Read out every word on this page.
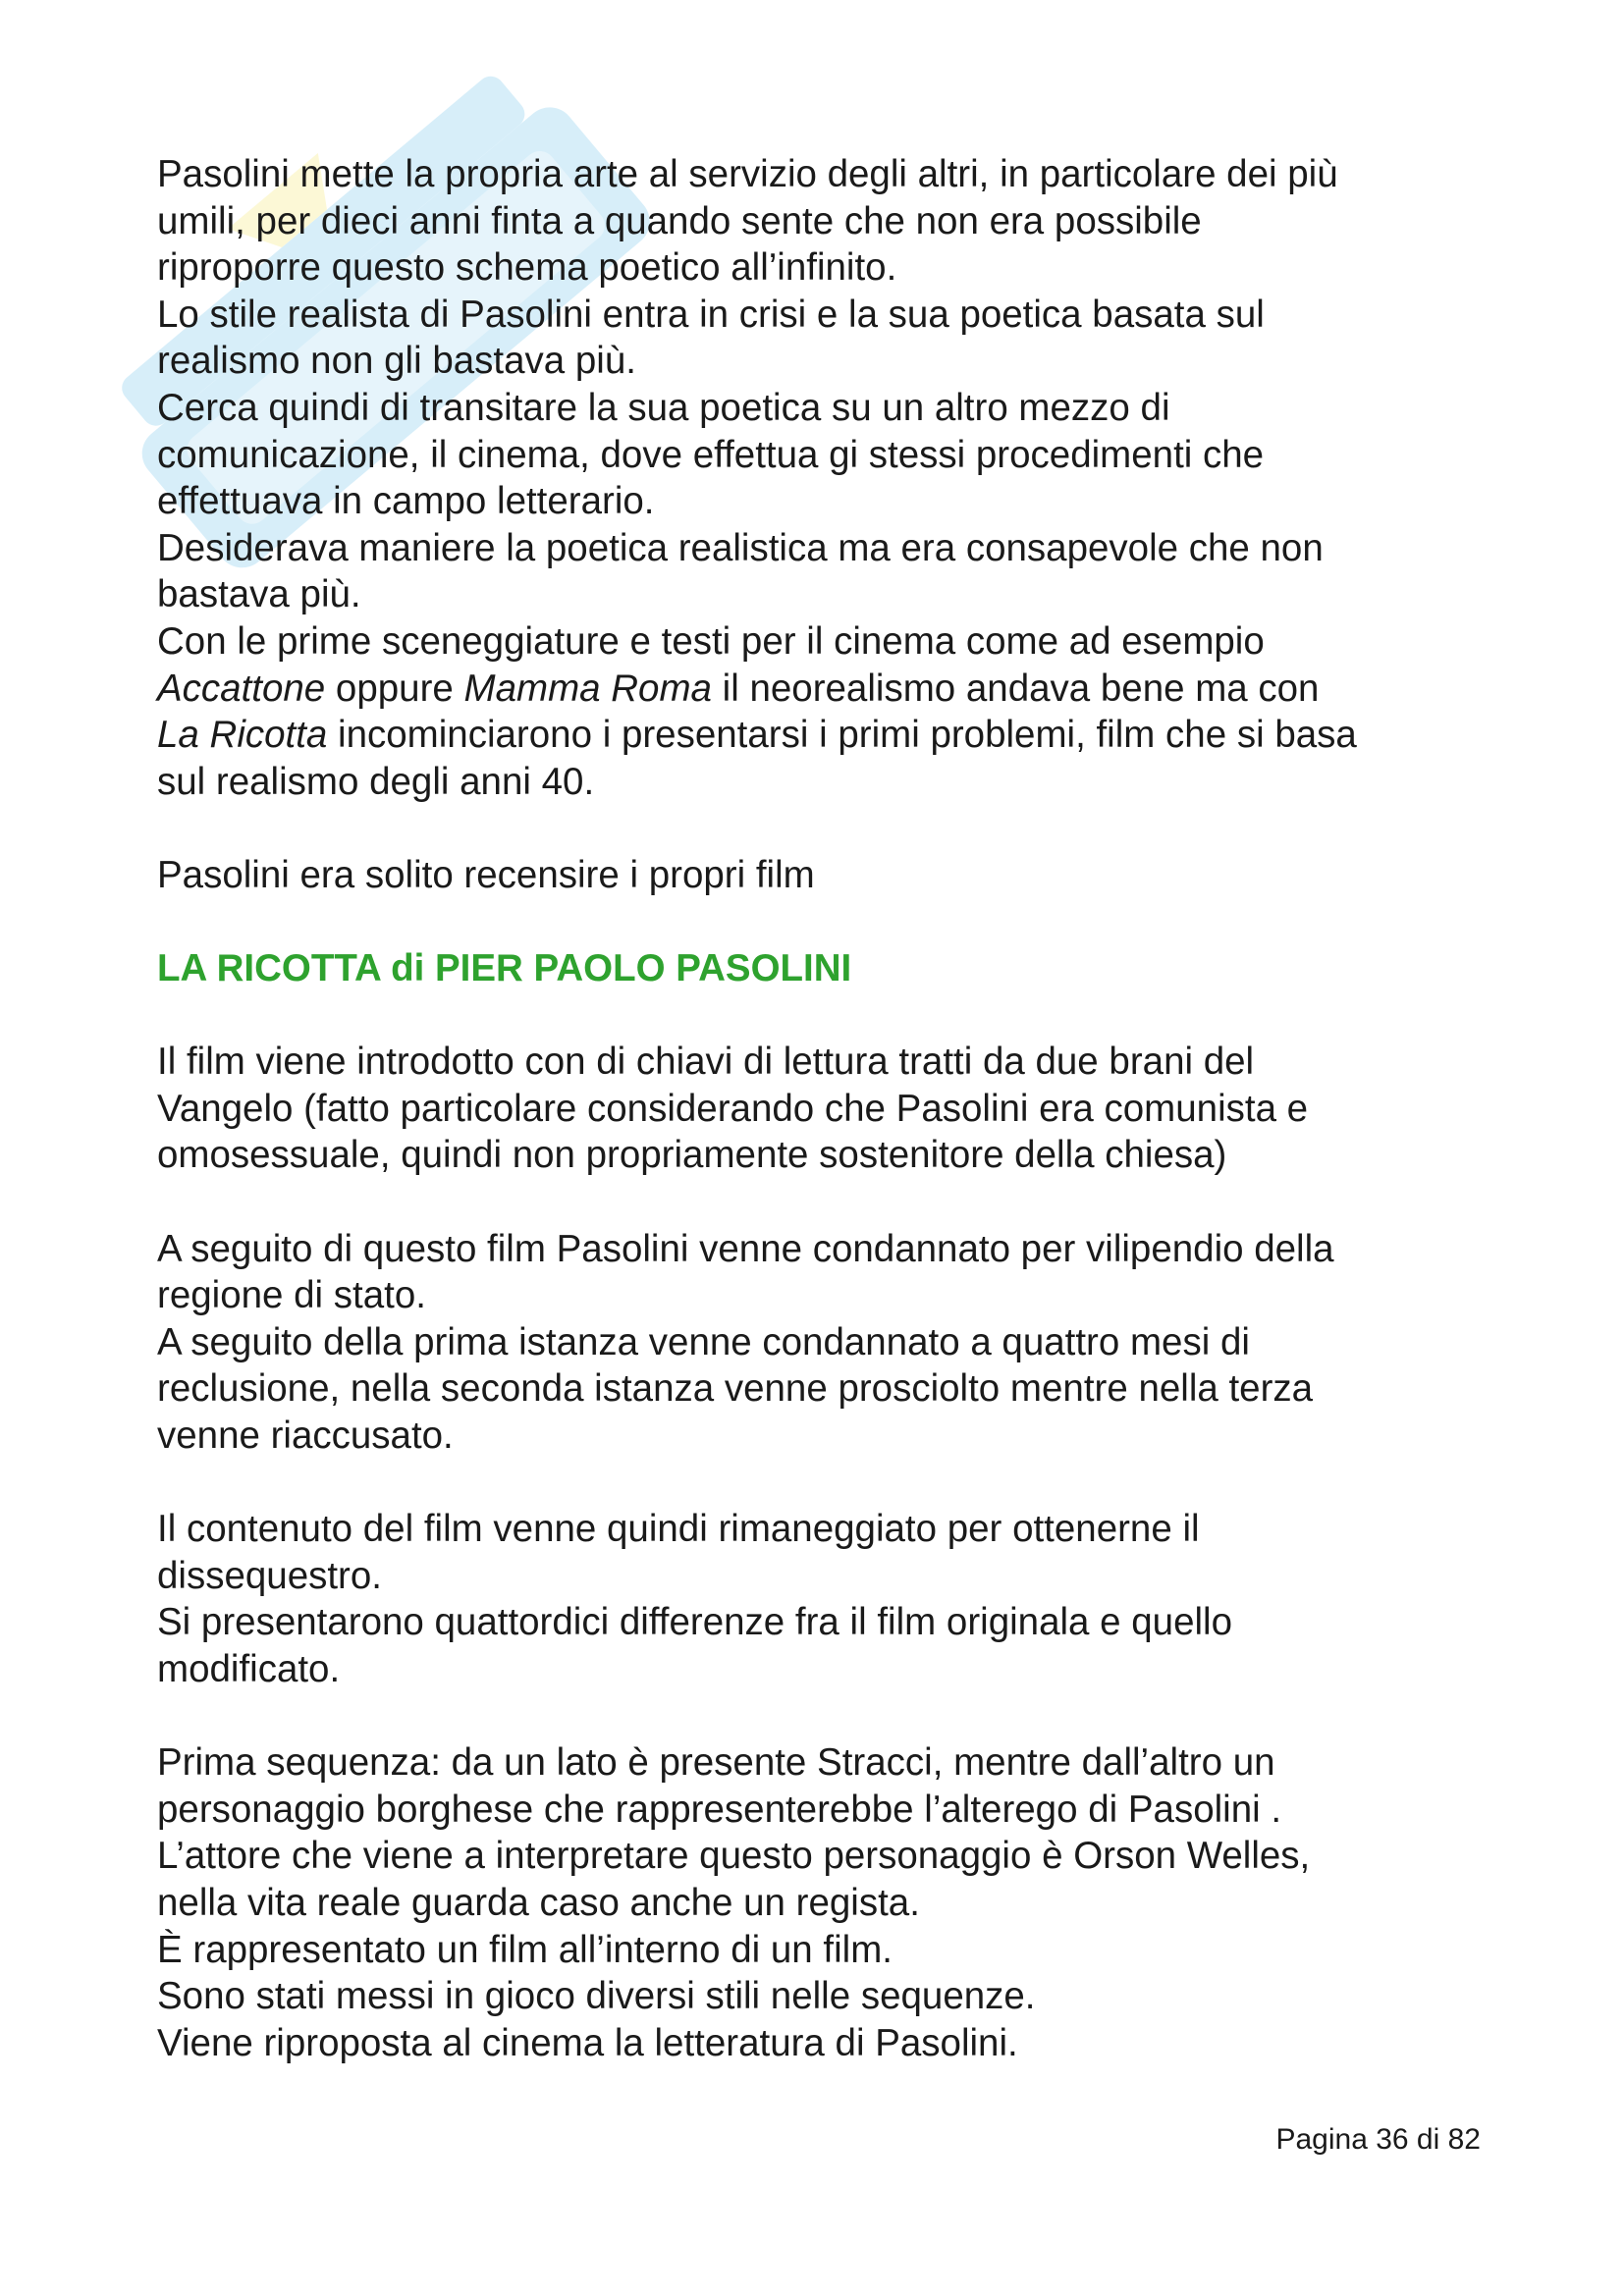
Pasolini mette la propria arte al servizio degli altri, in particolare dei più

umili, per dieci anni finta a quando sente che non era possibile

riproporre questo schema poetico all’infinito.

Lo stile realista di Pasolini entra in crisi e la sua poetica basata sul

realismo non gli bastava più.

Cerca quindi di transitare la sua poetica su un altro mezzo di

comunicazione, il cinema, dove effettua gi stessi procedimenti che

effettuava in campo letterario.

Desiderava maniere la poetica realistica ma era consapevole che non

bastava più.

Con le prime sceneggiature e testi per il cinema come ad esempio

Accattone oppure Mamma Roma il neorealismo andava bene ma con

La Ricotta incominciarono i presentarsi i primi problemi, film che si basa

sul realismo degli anni 40.

Pasolini era solito recensire i propri film

LA RICOTTA di PIER PAOLO PASOLINI

Il film viene introdotto con di chiavi di lettura tratti da due brani del

Vangelo (fatto particolare considerando che Pasolini era comunista e

omosessuale, quindi non propriamente sostenitore della chiesa)

A seguito di questo film Pasolini venne condannato per vilipendio della

regione di stato.

A seguito della prima istanza venne condannato a quattro mesi di

reclusione, nella seconda istanza venne prosciolto mentre nella terza

venne riaccusato.

Il contenuto del film venne quindi rimaneggiato per ottenerne il

dissequestro.

Si presentarono quattordici differenze fra il film originala e quello

modificato.

Prima sequenza: da un lato è presente Stracci, mentre dall’altro un

personaggio borghese che rappresenterebbe l’alterego di Pasolini .

L’attore che viene a interpretare questo personaggio è Orson Welles,

nella vita reale guarda caso anche un regista.

È rappresentato un film all’interno di un film.

Sono stati messi in gioco diversi stili nelle sequenze.

Viene riproposta al cinema la letteratura di Pasolini.

Pagina 36 di 82
